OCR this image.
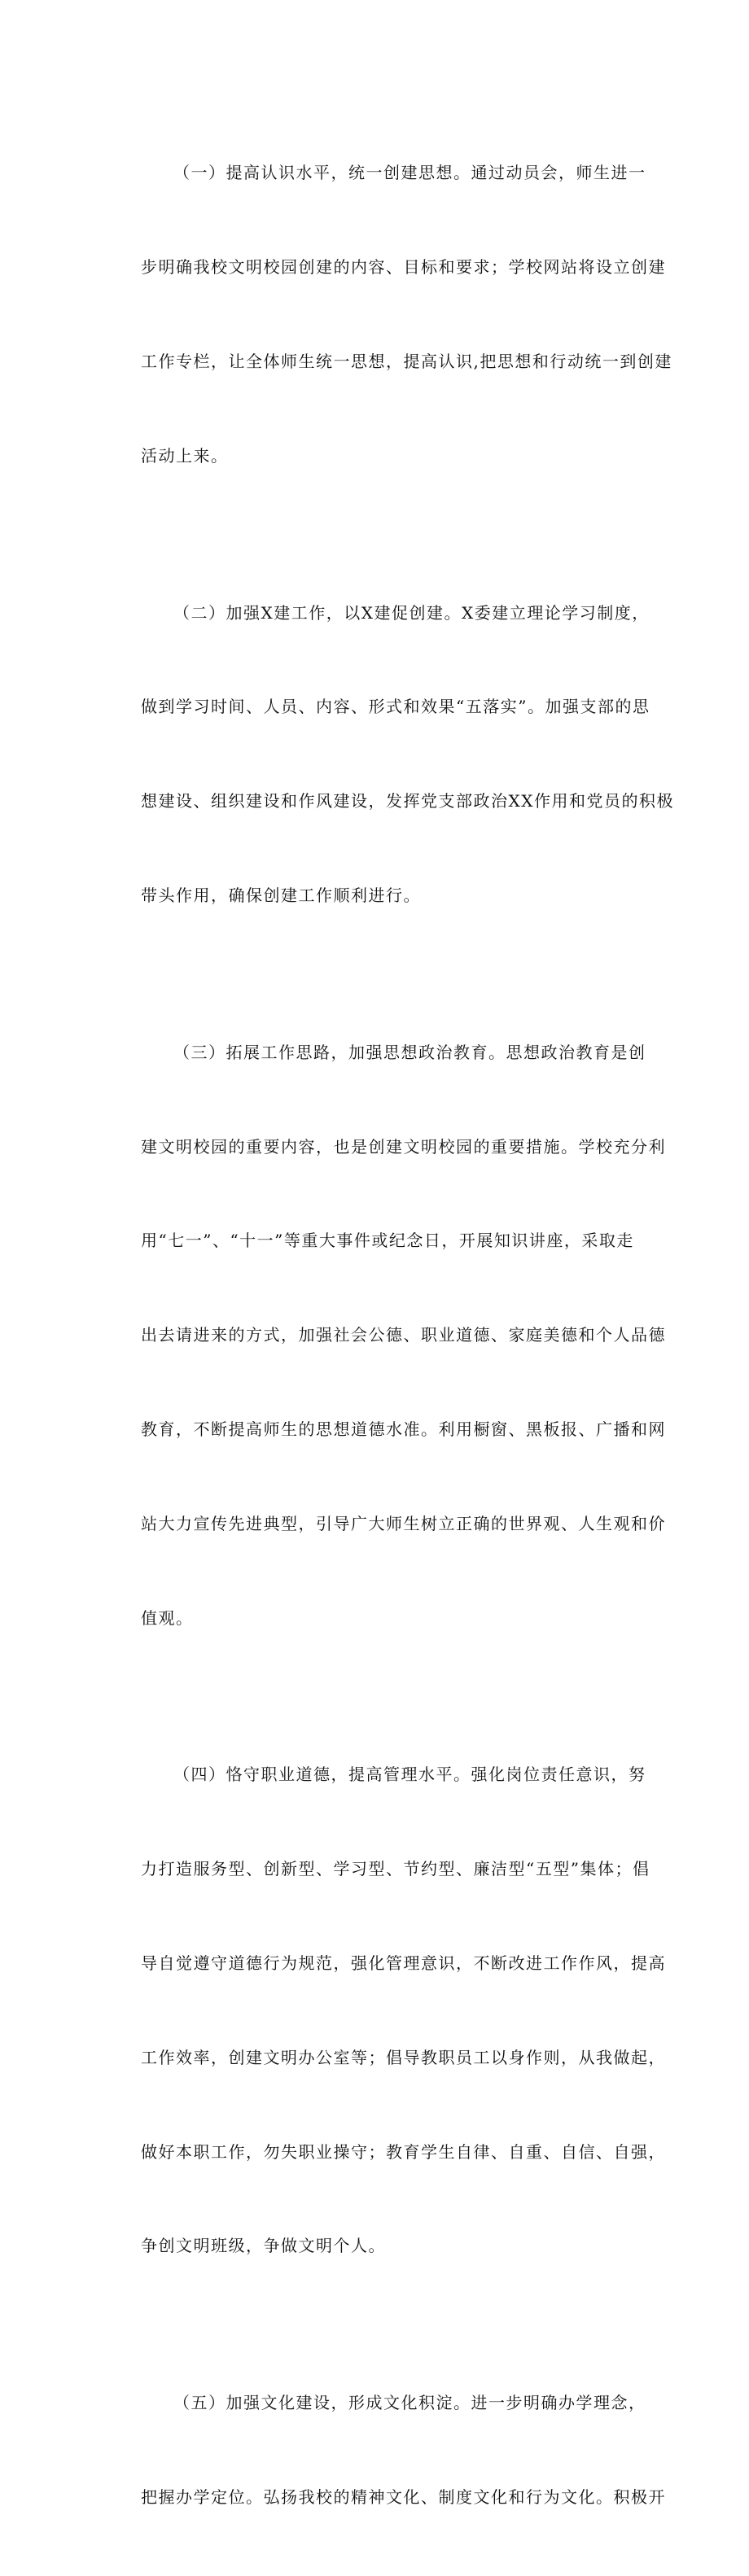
（一）提高认识水平，统一创建思想。通过动员会，师生进一

步明确我校文明校园创建的内容、目标和要求；学校网站将设立创建

工作专栏，让全体师生统一思想，提高认识,把思想和行动统一到创建

活动上来。

（二）加强X建工作，以X建促创建。X委建立理论学习制度，

做到学习时间、人员、内容、形式和效果“五落实”。加强支部的思

想建设、组织建设和作风建设，发挥党支部政治XX作用和党员的积极

带头作用，确保创建工作顺利进行。

（三）拓展工作思路，加强思想政治教育。思想政治教育是创

建文明校园的重要内容，也是创建文明校园的重要措施。学校充分利

用“七一”、“十一”等重大事件或纪念日，开展知识讲座，采取走

出去请进来的方式，加强社会公德、职业道德、家庭美德和个人品德

教育，不断提高师生的思想道德水准。利用橱窗、黑板报、广播和网

站大力宣传先进典型，引导广大师生树立正确的世界观、人生观和价

值观。

（四）恪守职业道德，提高管理水平。强化岗位责任意识，努

力打造服务型、创新型、学习型、节约型、廉洁型“五型”集体；倡

导自觉遵守道德行为规范，强化管理意识，不断改进工作作风，提高

工作效率，创建文明办公室等；倡导教职员工以身作则，从我做起，

做好本职工作，勿失职业操守；教育学生自律、自重、自信、自强，

争创文明班级，争做文明个人。

（五）加强文化建设，形成文化积淀。进一步明确办学理念，

把握办学定位。弘扬我校的精神文化、制度文化和行为文化。积极开
